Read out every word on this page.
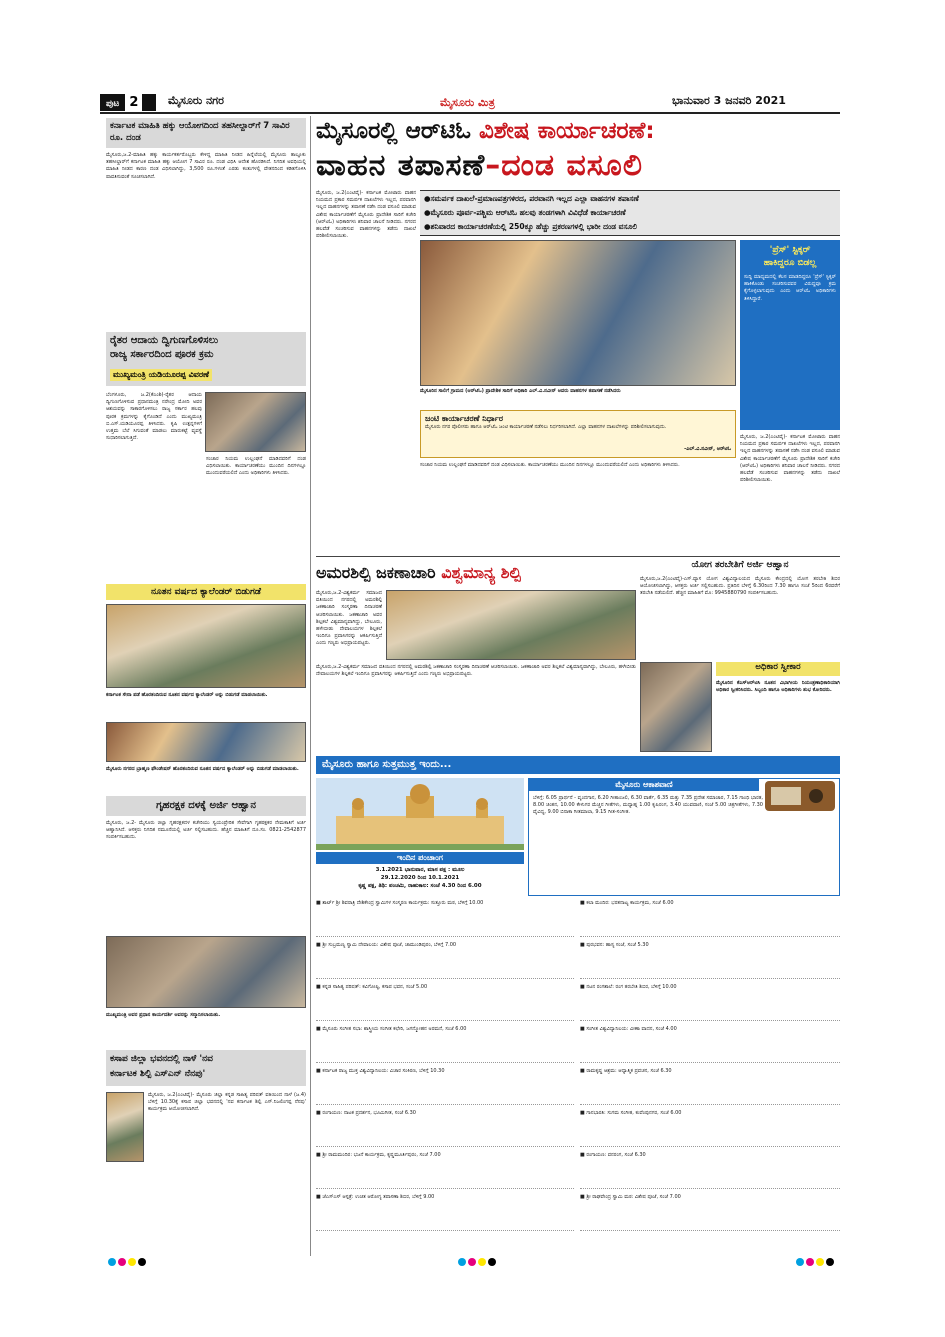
ಪುಟ 2	ಮೈಸೂರು ನಗರ	ಮೈಸೂರು ಮಿತ್ರ	ಭಾನುವಾರ 3 ಜನವರಿ 2021
ಕರ್ನಾಟಕ ಮಾಹಿತಿ ಹಕ್ಕು ಆಯೋಗದಿಂದ ತಹಸೀಲ್ದಾರ್‌ಗೆ 7 ಸಾವಿರ ರೂ. ದಂಡ
ಮೈಸೂರು,ಜ.2-ಮಾಹಿತಿ ಹಕ್ಕು ಕಾರ್ಯಕರ್ತರೊಬ್ಬರು ಕೇಳಿದ್ದ ಮಾಹಿತಿ ನೀಡದ ಹಿನ್ನೆಲೆಯಲ್ಲಿ ಮೈಸೂರು ತಾಲ್ಲೂಕು ತಹಸೀಲ್ದಾರ್‌ಗೆ ಕರ್ನಾಟಕ ಮಾಹಿತಿ ಹಕ್ಕು ಆಯೋಗ 7 ಸಾವಿರ ರೂ. ದಂಡ ವಿಧಿಸಿ ಆದೇಶ ಹೊರಡಿಸಿದೆ. ನಿಗದಿತ ಅವಧಿಯಲ್ಲಿ ಮಾಹಿತಿ ನೀಡದ ಕಾರಣ ದಂಡ ವಿಧಿಸಲಾಗಿದ್ದು, 3,500 ರೂ.ಗಳಂತೆ ಎರಡು ಕಂತುಗಳಲ್ಲಿ ವೇತನದಿಂದ ಕಡಿತಗೊಳಿಸಿ ಪಾವತಿಸುವಂತೆ ಸೂಚಿಸಲಾಗಿದೆ.
ರೈತರ ಆದಾಯ ದ್ವಿಗುಣಗೊಳಿಸಲು
ರಾಜ್ಯ ಸರ್ಕಾರದಿಂದ ಪೂರಕ ಕ್ರಮ
ಮುಖ್ಯಮಂತ್ರಿ ಯಡಿಯೂರಪ್ಪ ವಿವರಣೆ
ಬೆಂಗಳೂರು, ಜ.2(ಕೆಎಂಶಿ)-ರೈತರ ಆದಾಯ ದ್ವಿಗುಣಗೊಳಿಸುವ ಪ್ರಧಾನಮಂತ್ರಿ ನರೇಂದ್ರ ಮೋದಿ ಅವರ ಆಶಯವನ್ನು ಸಾಕಾರಗೊಳಿಸಲು ರಾಜ್ಯ ಸರ್ಕಾರ ಹಲವು ಪೂರಕ ಕ್ರಮಗಳನ್ನು ಕೈಗೊಂಡಿದೆ ಎಂದು ಮುಖ್ಯಮಂತ್ರಿ ಬಿ.ಎಸ್.ಯಡಿಯೂರಪ್ಪ ತಿಳಿಸಿದರು. ಕೃಷಿ ಉತ್ಪನ್ನಗಳಿಗೆ ಉತ್ತಮ ಬೆಲೆ ಸಿಗುವಂತೆ ಮಾಡಲು ಮಾರುಕಟ್ಟೆ ವ್ಯವಸ್ಥೆ ಸುಧಾರಿಸಲಾಗುತ್ತಿದೆ.
ಸಂಚಾರ ನಿಯಮ ಉಲ್ಲಂಘನೆ ಮಾಡಿದವರಿಗೆ ದಂಡ ವಿಧಿಸಲಾಯಿತು. ಕಾರ್ಯಾಚರಣೆಯು ಮುಂದಿನ ದಿನಗಳಲ್ಲೂ ಮುಂದುವರೆಯಲಿದೆ ಎಂದು ಅಧಿಕಾರಿಗಳು ತಿಳಿಸಿದರು.
ನೂತನ ವರ್ಷದ ಕ್ಯಾಲೆಂಡರ್ ಬಿಡುಗಡೆ
ಕರ್ನಾಟಕ ಸೇನಾ ಪಡೆ ಹೊರತಂದಿರುವ ನೂತನ ವರ್ಷದ ಕ್ಯಾಲೆಂಡರ್ ಅನ್ನು ಬಿಡುಗಡೆ ಮಾಡಲಾಯಿತು.
ಮೈಸೂರು ನಗರದ ಬ್ರಾಹ್ಮಣ ಫೌಂಡೇಷನ್ ಹೊರತಂದಿರುವ ನೂತನ ವರ್ಷದ ಕ್ಯಾಲೆಂಡರ್ ಅನ್ನು ಬಿಡುಗಡೆ ಮಾಡಲಾಯಿತು.
ಗೃಹರಕ್ಷಕ ದಳಕ್ಕೆ ಅರ್ಜಿ ಆಹ್ವಾನ
ಮೈಸೂರು, ಜ.2- ಮೈಸೂರು ಜಿಲ್ಲಾ ಗೃಹರಕ್ಷಕದಳ ಕಚೇರಿಯು ಸ್ವಯಂಪ್ರೇರಿತ ಸೇವೆಗಾಗಿ ಗೃಹರಕ್ಷಕರ ನೇಮಕಾತಿಗೆ ಅರ್ಜಿ ಆಹ್ವಾನಿಸಿದೆ. ಆಸಕ್ತರು ನಿಗದಿತ ನಮೂನೆಯಲ್ಲಿ ಅರ್ಜಿ ಸಲ್ಲಿಸಬಹುದು. ಹೆಚ್ಚಿನ ಮಾಹಿತಿಗೆ ದೂ.ಸಂ. 0821-2542877 ಸಂಪರ್ಕಿಸಬಹುದು.
ಮುಖ್ಯಮಂತ್ರಿ ಅವರ ಪ್ರಧಾನ ಕಾರ್ಯದರ್ಶಿ ಅವರನ್ನು ಸನ್ಮಾನಿಸಲಾಯಿತು.
ಕಸಾಪ ಜಿಲ್ಲಾ ಭವನದಲ್ಲಿ ನಾಳೆ 'ನವ
ಕರ್ನಾಟಕ ಶಿಲ್ಪಿ ಎಸ್‌ಎನ್ ನೆನಪು'
ಮೈಸೂರು, ಜ.2(ಎಂಟಿವೈ)- ಮೈಸೂರು ಜಿಲ್ಲಾ ಕನ್ನಡ ಸಾಹಿತ್ಯ ಪರಿಷತ್ ವತಿಯಿಂದ ನಾಳೆ (ಜ.4) ಬೆಳಿಗ್ಗೆ 10.30ಕ್ಕೆ ಕಸಾಪ ಜಿಲ್ಲಾ ಭವನದಲ್ಲಿ 'ನವ ಕರ್ನಾಟಕ ಶಿಲ್ಪಿ ಎಸ್.ನಿಜಲಿಂಗಪ್ಪ ನೆನಪು' ಕಾರ್ಯಕ್ರಮ ಆಯೋಜಿಸಲಾಗಿದೆ.
ಮೈಸೂರಲ್ಲಿ ಆರ್‌ಟಿಓ ವಿಶೇಷ ಕಾರ್ಯಾಚರಣೆ:
ವಾಹನ ತಪಾಸಣೆ–ದಂಡ ವಸೂಲಿ
ಮೈಸೂರು, ಜ.2(ಎಂಟಿವೈ)- ಕರ್ನಾಟಕ ಮೋಟಾರು ವಾಹನ ನಿಯಮದ ಪ್ರಕಾರ ಸಮರ್ಪಕ ದಾಖಲೆಗಳು ಇಲ್ಲದ, ಪರವಾನಗಿ ಇಲ್ಲದ ವಾಹನಗಳನ್ನು ತಪಾಸಣೆ ನಡೆಸಿ ದಂಡ ವಸೂಲಿ ಮಾಡುವ ವಿಶೇಷ ಕಾರ್ಯಾಚರಣೆಗೆ ಮೈಸೂರು ಪ್ರಾದೇಶಿಕ ಸಾರಿಗೆ ಕಚೇರಿ (ಆರ್‌ಟಿಓ) ಅಧಿಕಾರಿಗಳು ಶನಿವಾರ ಚಾಲನೆ ನೀಡಿದರು. ನಗರದ ಹಲವೆಡೆ ಸಂಚರಿಸುವ ವಾಹನಗಳನ್ನು ತಡೆದು ದಾಖಲೆ ಪರಿಶೀಲಿಸಲಾಯಿತು.
●ಸಮರ್ಪಕ ದಾಖಲೆ-ಪ್ರಮಾಣಪತ್ರಗಳಿರದ, ಪರವಾನಗಿ ಇಲ್ಲದ ಎಲ್ಲಾ ವಾಹನಗಳ ತಪಾಸಣೆ
●ಮೈಸೂರು ಪೂರ್ವ-ಪಶ್ಚಿಮ ಆರ್‌ಟಿಓ ಹಲವು ತಂಡಗಳಾಗಿ ವಿವಿಧೆಡೆ ಕಾರ್ಯಾಚರಣೆ
●ಶನಿವಾರದ ಕಾರ್ಯಾಚರಣೆಯಲ್ಲಿ 250ಕ್ಕೂ ಹೆಚ್ಚು ಪ್ರಕರಣಗಳಲ್ಲಿ ಭಾರೀ ದಂಡ ವಸೂಲಿ
ಮೈಸೂರಿನ ಸಾಲಿಗೆ ಗ್ರಾಮದ (ಆರ್‌ಟಿಓ) ಪ್ರಾದೇಶಿಕ ಸಾರಿಗೆ ಅಧಿಕಾರಿ ಎಲ್.ವಿ.ನವೀನ್ ಅವರು ವಾಹನಗಳ ತಪಾಸಣೆ ನಡೆಸಿದರು
'ಪ್ರೆಸ್' ಸ್ಟಿಕ್ಕರ್
ಹಾಕಿದ್ದರೂ ಬಿಡಲ್ಲ
ಸುದ್ದಿ ಮಾಧ್ಯಮದಲ್ಲಿ ಕೆಲಸ ಮಾಡದಿದ್ದರೂ 'ಪ್ರೆಸ್' ಸ್ಟಿಕ್ಕರ್ ಹಾಕಿಕೊಂಡು ಸಂಚರಿಸುವವರ ವಿರುದ್ಧವೂ ಕ್ರಮ ಕೈಗೊಳ್ಳಲಾಗುವುದು ಎಂದು ಆರ್‌ಟಿಓ ಅಧಿಕಾರಿಗಳು ತಿಳಿಸಿದ್ದಾರೆ.
ಜಂಟಿ ಕಾರ್ಯಾಚರಣೆ ನಿರ್ಧಾರ
ಮೈಸೂರು ನಗರ ಪೊಲೀಸರು ಹಾಗೂ ಆರ್‌ಟಿಓ ಜಂಟಿ ಕಾರ್ಯಾಚರಣೆ ನಡೆಸಲು ನಿರ್ಧರಿಸಲಾಗಿದೆ. ಎಲ್ಲಾ ವಾಹನಗಳ ದಾಖಲೆಗಳನ್ನು ಪರಿಶೀಲಿಸಲಾಗುವುದು.
-ಎಲ್.ವಿ.ನವೀನ್, ಆರ್‌ಟಿಓ
ಸಂಚಾರ ನಿಯಮ ಉಲ್ಲಂಘನೆ ಮಾಡಿದವರಿಗೆ ದಂಡ ವಿಧಿಸಲಾಯಿತು. ಕಾರ್ಯಾಚರಣೆಯು ಮುಂದಿನ ದಿನಗಳಲ್ಲೂ ಮುಂದುವರೆಯಲಿದೆ ಎಂದು ಅಧಿಕಾರಿಗಳು ತಿಳಿಸಿದರು.
ಮೈಸೂರು, ಜ.2(ಎಂಟಿವೈ)- ಕರ್ನಾಟಕ ಮೋಟಾರು ವಾಹನ ನಿಯಮದ ಪ್ರಕಾರ ಸಮರ್ಪಕ ದಾಖಲೆಗಳು ಇಲ್ಲದ, ಪರವಾನಗಿ ಇಲ್ಲದ ವಾಹನಗಳನ್ನು ತಪಾಸಣೆ ನಡೆಸಿ ದಂಡ ವಸೂಲಿ ಮಾಡುವ ವಿಶೇಷ ಕಾರ್ಯಾಚರಣೆಗೆ ಮೈಸೂರು ಪ್ರಾದೇಶಿಕ ಸಾರಿಗೆ ಕಚೇರಿ (ಆರ್‌ಟಿಓ) ಅಧಿಕಾರಿಗಳು ಶನಿವಾರ ಚಾಲನೆ ನೀಡಿದರು. ನಗರದ ಹಲವೆಡೆ ಸಂಚರಿಸುವ ವಾಹನಗಳನ್ನು ತಡೆದು ದಾಖಲೆ ಪರಿಶೀಲಿಸಲಾಯಿತು.
ಅಮರಶಿಲ್ಪಿ ಜಕಣಾಚಾರಿ ವಿಶ್ವಮಾನ್ಯ ಶಿಲ್ಪಿ
ಮೈಸೂರು,ಜ.2-ವಿಶ್ವಕರ್ಮ ಸಮಾಜದ ವತಿಯಿಂದ ನಗರದಲ್ಲಿ ಅಮರಶಿಲ್ಪಿ ಜಕಣಾಚಾರಿ ಸಂಸ್ಮರಣಾ ದಿನಾಚರಣೆ ಆಚರಿಸಲಾಯಿತು. ಜಕಣಾಚಾರಿ ಅವರ ಶಿಲ್ಪಕಲೆ ವಿಶ್ವಮಾನ್ಯವಾಗಿದ್ದು, ಬೇಲೂರು, ಹಳೇಬೀಡು ದೇವಾಲಯಗಳ ಶಿಲ್ಪಕಲೆ ಇಂದಿಗೂ ಪ್ರವಾಸಿಗರನ್ನು ಆಕರ್ಷಿಸುತ್ತಿದೆ ಎಂದು ಗಣ್ಯರು ಅಭಿಪ್ರಾಯಪಟ್ಟರು.
ಮೈಸೂರು,ಜ.2-ವಿಶ್ವಕರ್ಮ ಸಮಾಜದ ವತಿಯಿಂದ ನಗರದಲ್ಲಿ ಅಮರಶಿಲ್ಪಿ ಜಕಣಾಚಾರಿ ಸಂಸ್ಮರಣಾ ದಿನಾಚರಣೆ ಆಚರಿಸಲಾಯಿತು. ಜಕಣಾಚಾರಿ ಅವರ ಶಿಲ್ಪಕಲೆ ವಿಶ್ವಮಾನ್ಯವಾಗಿದ್ದು, ಬೇಲೂರು, ಹಳೇಬೀಡು ದೇವಾಲಯಗಳ ಶಿಲ್ಪಕಲೆ ಇಂದಿಗೂ ಪ್ರವಾಸಿಗರನ್ನು ಆಕರ್ಷಿಸುತ್ತಿದೆ ಎಂದು ಗಣ್ಯರು ಅಭಿಪ್ರಾಯಪಟ್ಟರು.
ಯೋಗ ತರಬೇತಿಗೆ ಅರ್ಜಿ ಆಹ್ವಾನ
ಮೈಸೂರು,ಜ.2(ಎಂಟಿವೈ)-ಎಸ್.ವ್ಯಾಸ ಯೋಗ ವಿಶ್ವವಿದ್ಯಾಲಯದ ಮೈಸೂರು ಕೇಂದ್ರದಲ್ಲಿ ಯೋಗ ತರಬೇತಿ ಶಿಬಿರ ಆಯೋಜಿಸಲಾಗಿದ್ದು, ಆಸಕ್ತರು ಅರ್ಜಿ ಸಲ್ಲಿಸಬಹುದು. ಪ್ರತಿದಿನ ಬೆಳಿಗ್ಗೆ 6.30ರಿಂದ 7.30 ಹಾಗೂ ಸಂಜೆ 5ರಿಂದ 6ರವರೆಗೆ ತರಬೇತಿ ನಡೆಯಲಿದೆ. ಹೆಚ್ಚಿನ ಮಾಹಿತಿಗೆ ಮೊ: 9945880790 ಸಂಪರ್ಕಿಸಬಹುದು.
ಅಧಿಕಾರ ಸ್ವೀಕಾರ
ಮೈಸೂರಿನ ಕೆಎಸ್‌ಆರ್‌ಟಿಸಿ ನೂತನ ವಿಭಾಗೀಯ ನಿಯಂತ್ರಣಾಧಿಕಾರಿಯಾಗಿ ಅಧಿಕಾರ ಸ್ವೀಕರಿಸಿದರು. ಸಿಬ್ಬಂದಿ ಹಾಗೂ ಅಧಿಕಾರಿಗಳು ಶುಭ ಕೋರಿದರು.
ಮೈಸೂರು ಹಾಗೂ ಸುತ್ತಮುತ್ತ ಇಂದು...
ಇಂದಿನ ಪಂಚಾಂಗ
3.1.2021 ಭಾನುವಾರ, ಮಾಸ ಪಕ್ಷ : ಮೂಲ
29.12.2020 ರಿಂದ 10.1.2021
ಕೃಷ್ಣ ಪಕ್ಷ, ತಿಥಿ: ಪಂಚಮಿ, ರಾಹುಕಾಲ: ಸಂಜೆ 4.30 ರಿಂದ 6.00
ಮೈಸೂರು ಆಕಾಶವಾಣಿ
ಬೆಳಿಗ್ಗೆ: 6.05 ಪ್ರಾರ್ಥನೆ - ವೃಂದಗಾನ, 6.20 ಗೀತಾಂಜಲಿ, 6.30 ವಾರ್ತೆ, 6.35 ಮತ್ತು 7.35 ಪ್ರದೇಶ ಸಮಾಚಾರ, 7.15 ಗಾಂಧಿ ಭಾರತ, 8.00 ಚಿಂತನ, 10.00 ಕೇಳುಗರ ಮೆಚ್ಚಿನ ಗೀತೆಗಳು, ಮಧ್ಯಾಹ್ನ 1.00 ಕೃಷಿರಂಗ, 3.40 ಯುವವಾಣಿ, ಸಂಜೆ 5.00 ಚಿತ್ರಗೀತೆಗಳು, 7.30 ವೈವಿಧ್ಯ, 9.00 ಬಿನಾಕಾ ಗೀತಮಾಲಾ, 9.15 ಗೀತ-ಸಂಗೀತ.
■ ಶಾರ್ಟ್‌ ಶ್ರೀ ಶಿವರಾತ್ರಿ ದೇಶಿಕೇಂದ್ರ ಸ್ವಾಮಿಗಳ ಸಂಸ್ಮರಣ ಕಾರ್ಯಕ್ರಮ: ಸುತ್ತೂರು ಮಠ, ಬೆಳಿಗ್ಗೆ 10.00
■ ಶ್ರೀ ಸುಬ್ರಮಣ್ಯ ಸ್ವಾಮಿ ದೇವಾಲಯ: ವಿಶೇಷ ಪೂಜೆ, ಚಾಮುಂಡಿಪುರಂ, ಬೆಳಿಗ್ಗೆ 7.00
■ ಕನ್ನಡ ಸಾಹಿತ್ಯ ಪರಿಷತ್: ಕವಿಗೋಷ್ಠಿ, ಕಸಾಪ ಭವನ, ಸಂಜೆ 5.00
■ ಮೈಸೂರು ಸಂಗೀತ ಸಭಾ: ಶಾಸ್ತ್ರೀಯ ಸಂಗೀತ ಕಛೇರಿ, ಜಗನ್ಮೋಹನ ಅರಮನೆ, ಸಂಜೆ 6.00
■ ಕರ್ನಾಟಕ ರಾಜ್ಯ ಮುಕ್ತ ವಿಶ್ವವಿದ್ಯಾನಿಲಯ: ವಿಚಾರ ಸಂಕಿರಣ, ಬೆಳಿಗ್ಗೆ 10.30
■ ರಂಗಾಯಣ: ನಾಟಕ ಪ್ರದರ್ಶನ, ಭೂಮಿಗೀತ, ಸಂಜೆ 6.30
■ ಶ್ರೀ ರಾಮಮಂದಿರ: ಭಜನೆ ಕಾರ್ಯಕ್ರಮ, ಕೃಷ್ಣಮೂರ್ತಿಪುರಂ, ಸಂಜೆ 7.00
■ ಜೆಎಸ್‌ಎಸ್ ಆಸ್ಪತ್ರೆ: ಉಚಿತ ಆರೋಗ್ಯ ತಪಾಸಣಾ ಶಿಬಿರ, ಬೆಳಿಗ್ಗೆ 9.00
■ ಕಲಾ ಮಂದಿರ: ಭರತನಾಟ್ಯ ಕಾರ್ಯಕ್ರಮ, ಸಂಜೆ 6.00
■ ಪುರಭವನ: ಹಾಸ್ಯ ಸಂಜೆ, ಸಂಜೆ 5.30
■ ನಟನ ರಂಗಶಾಲೆ: ರಂಗ ತರಬೇತಿ ಶಿಬಿರ, ಬೆಳಿಗ್ಗೆ 10.00
■ ಸಂಗೀತ ವಿಶ್ವವಿದ್ಯಾನಿಲಯ: ವೀಣಾ ವಾದನ, ಸಂಜೆ 4.00
■ ರಾಮಕೃಷ್ಣ ಆಶ್ರಮ: ಆಧ್ಯಾತ್ಮಿಕ ಪ್ರವಚನ, ಸಂಜೆ 6.30
■ ಗಾನಭಾರತಿ: ಸುಗಮ ಸಂಗೀತ, ಕುವೆಂಪುನಗರ, ಸಂಜೆ 6.00
■ ರಂಗಾಯಣ: ವನರಂಗ, ಸಂಜೆ 6.30
■ ಶ್ರೀ ರಾಘವೇಂದ್ರ ಸ್ವಾಮಿ ಮಠ: ವಿಶೇಷ ಪೂಜೆ, ಸಂಜೆ 7.00
